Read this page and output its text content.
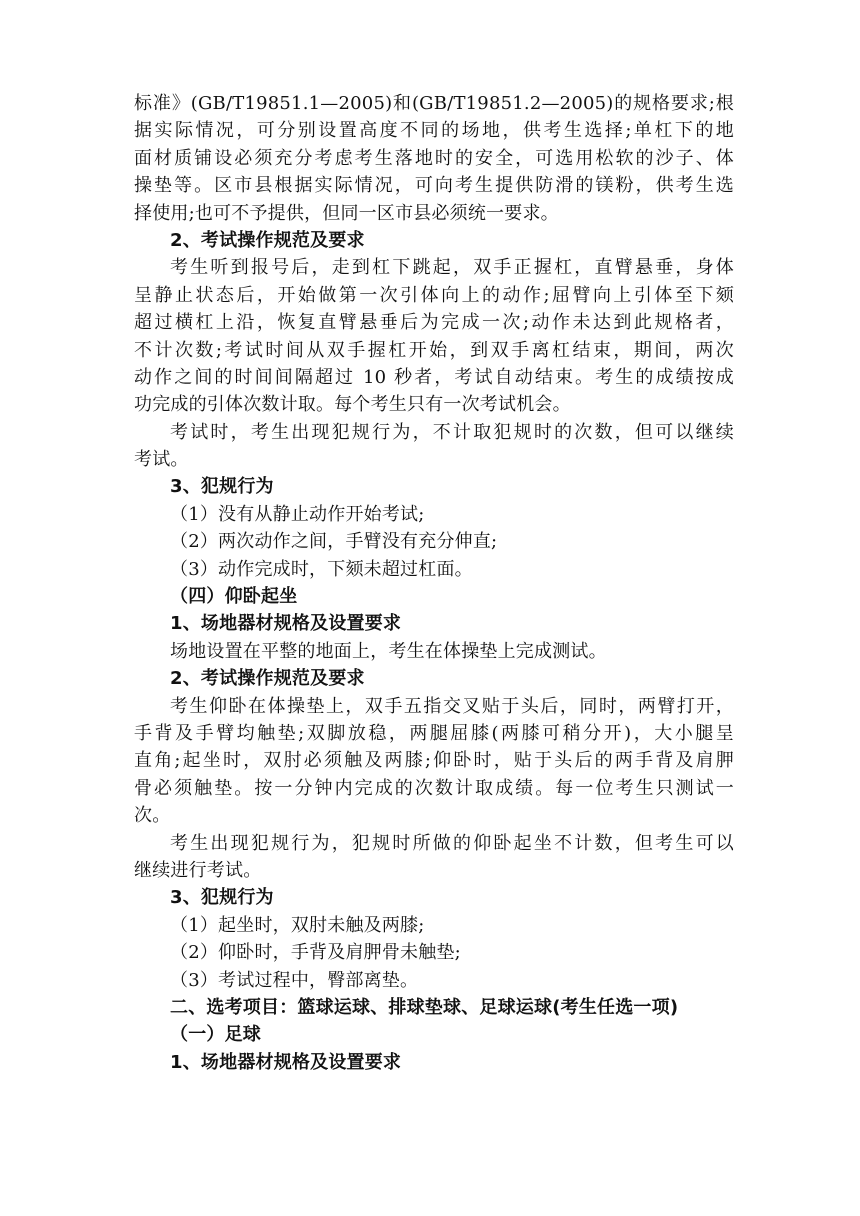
标准》(GB/T19851.1—2005)和(GB/T19851.2—2005)的规格要求;根
据实际情况，可分别设置高度不同的场地，供考生选择;单杠下的地
面材质铺设必须充分考虑考生落地时的安全，可选用松软的沙子、体
操垫等。区市县根据实际情况，可向考生提供防滑的镁粉，供考生选
择使用;也可不予提供，但同一区市县必须统一要求。
2、考试操作规范及要求
考生听到报号后，走到杠下跳起，双手正握杠，直臂悬垂，身体
呈静止状态后，开始做第一次引体向上的动作;屈臂向上引体至下颏
超过横杠上沿，恢复直臂悬垂后为完成一次;动作未达到此规格者，
不计次数;考试时间从双手握杠开始，到双手离杠结束，期间，两次
动作之间的时间间隔超过 10 秒者，考试自动结束。考生的成绩按成
功完成的引体次数计取。每个考生只有一次考试机会。
考试时，考生出现犯规行为，不计取犯规时的次数，但可以继续
考试。
3、犯规行为
（1）没有从静止动作开始考试;
（2）两次动作之间，手臂没有充分伸直;
（3）动作完成时，下颏未超过杠面。
（四）仰卧起坐
1、场地器材规格及设置要求
场地设置在平整的地面上，考生在体操垫上完成测试。
2、考试操作规范及要求
考生仰卧在体操垫上，双手五指交叉贴于头后，同时，两臂打开，
手背及手臂均触垫;双脚放稳，两腿屈膝(两膝可稍分开)，大小腿呈
直角;起坐时，双肘必须触及两膝;仰卧时，贴于头后的两手背及肩胛
骨必须触垫。按一分钟内完成的次数计取成绩。每一位考生只测试一
次。
考生出现犯规行为，犯规时所做的仰卧起坐不计数，但考生可以
继续进行考试。
3、犯规行为
（1）起坐时，双肘未触及两膝;
（2）仰卧时，手背及肩胛骨未触垫;
（3）考试过程中，臀部离垫。
二、选考项目：篮球运球、排球垫球、足球运球(考生任选一项)
（一）足球
1、场地器材规格及设置要求
